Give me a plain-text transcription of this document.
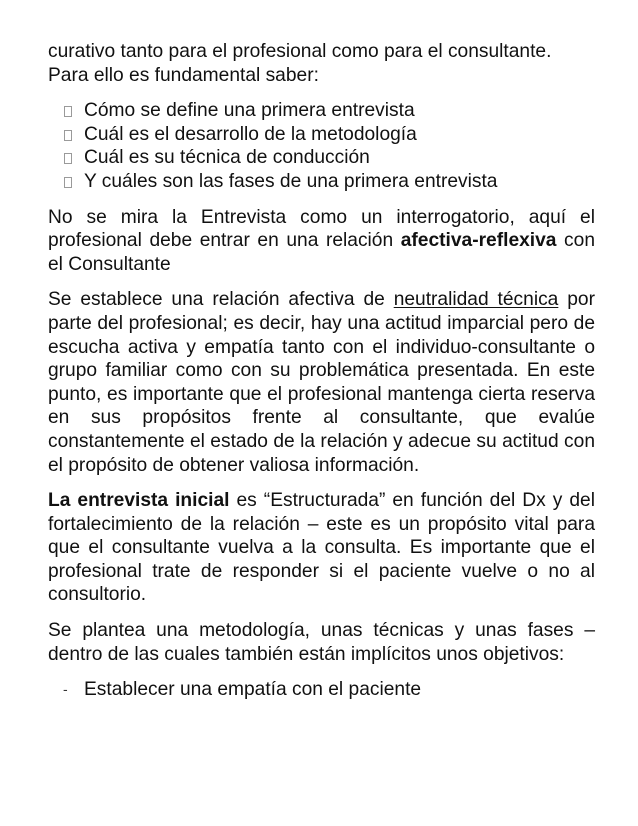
curativo tanto para el profesional como para el consultante.
Para ello es fundamental saber:

Cómo se define una primera entrevista
Cuál es el desarrollo de la metodología
Cuál es su técnica de conducción
Y cuáles son las fases de una primera entrevista

No se mira la Entrevista como un interrogatorio, aquí el profesional debe entrar en una relación afectiva-reflexiva con el Consultante

Se establece una relación afectiva de neutralidad técnica por parte del profesional; es decir, hay una actitud imparcial pero de escucha activa y empatía tanto con el individuo-consultante o grupo familiar como con su problemática presentada. En este punto, es importante que el profesional mantenga cierta reserva en sus propósitos frente al consultante, que evalúe constantemente el estado de la relación y adecue su actitud con el propósito de obtener valiosa información.

La entrevista inicial es “Estructurada” en función del Dx y del fortalecimiento de la relación – este es un propósito vital para que el consultante vuelva a la consulta. Es importante que el profesional trate de responder si el paciente vuelve o no al consultorio.

Se plantea una metodología, unas técnicas y unas fases – dentro de las cuales también están implícitos unos objetivos:

- Establecer una empatía con el paciente
